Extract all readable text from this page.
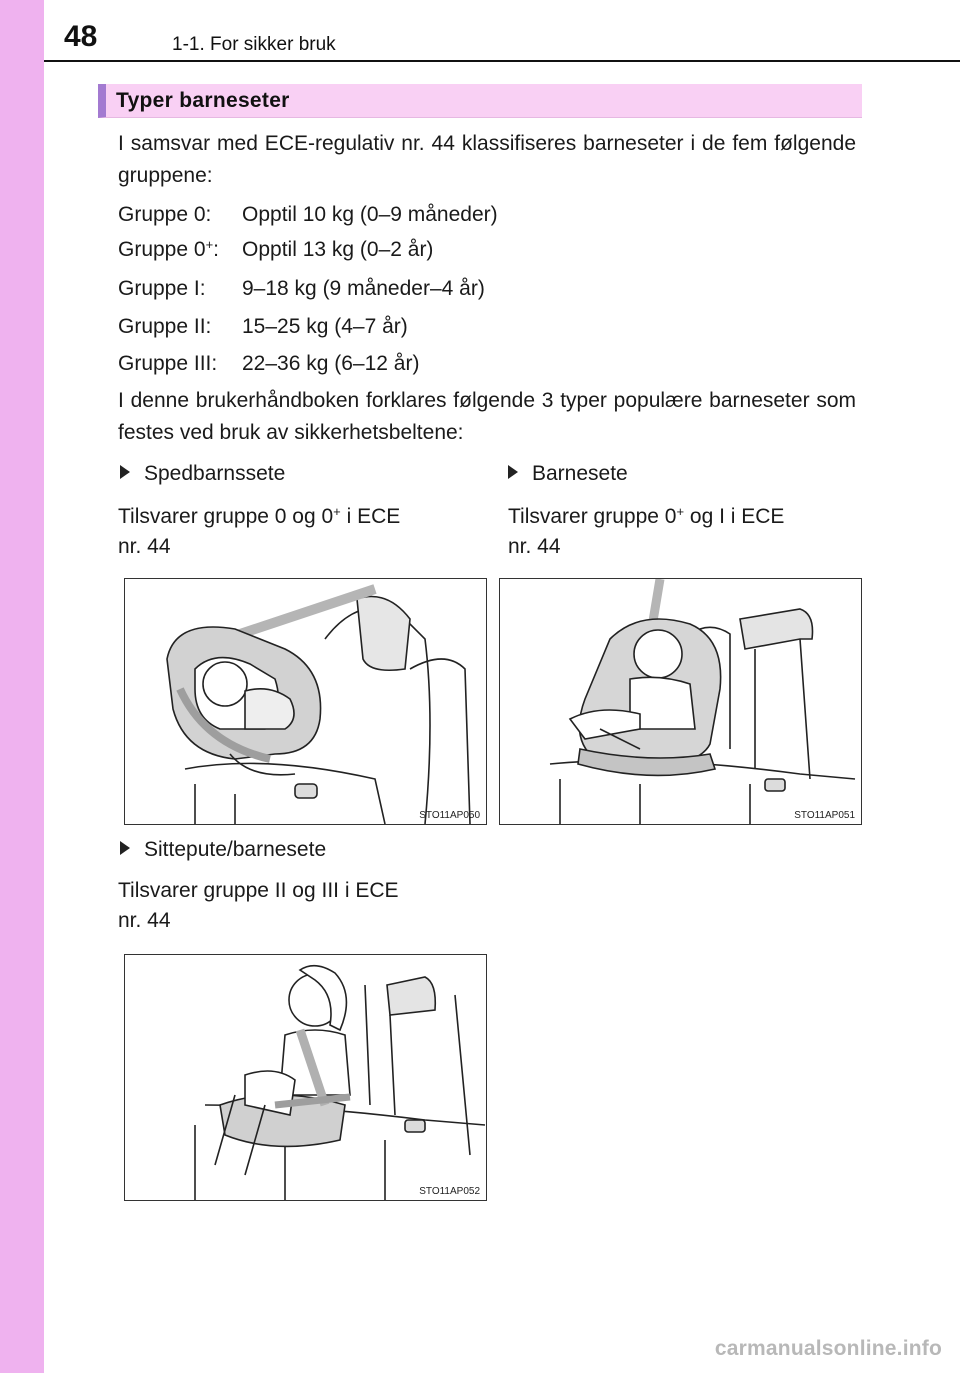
48	1-1. For sikker bruk
Typer barneseter
I samsvar med ECE-regulativ nr. 44 klassifiseres barneseter i de fem følgende gruppene:
Gruppe 0: Opptil 10 kg (0–9 måneder)
Gruppe 0+: Opptil 13 kg (0–2 år)
Gruppe I: 9–18 kg (9 måneder–4 år)
Gruppe II: 15–25 kg (4–7 år)
Gruppe III: 22–36 kg (6–12 år)
I denne brukerhåndboken forklares følgende 3 typer populære barneseter som festes ved bruk av sikkerhetsbeltene:
Spedbarnssete
Tilsvarer gruppe 0 og 0+ i ECE
nr. 44
Barnesete
Tilsvarer gruppe 0+ og I i ECE
nr. 44
STO11AP050	STO11AP051
Sittepute/barnesete
Tilsvarer gruppe II og III i ECE
nr. 44
STO11AP052
carmanualsonline.info
